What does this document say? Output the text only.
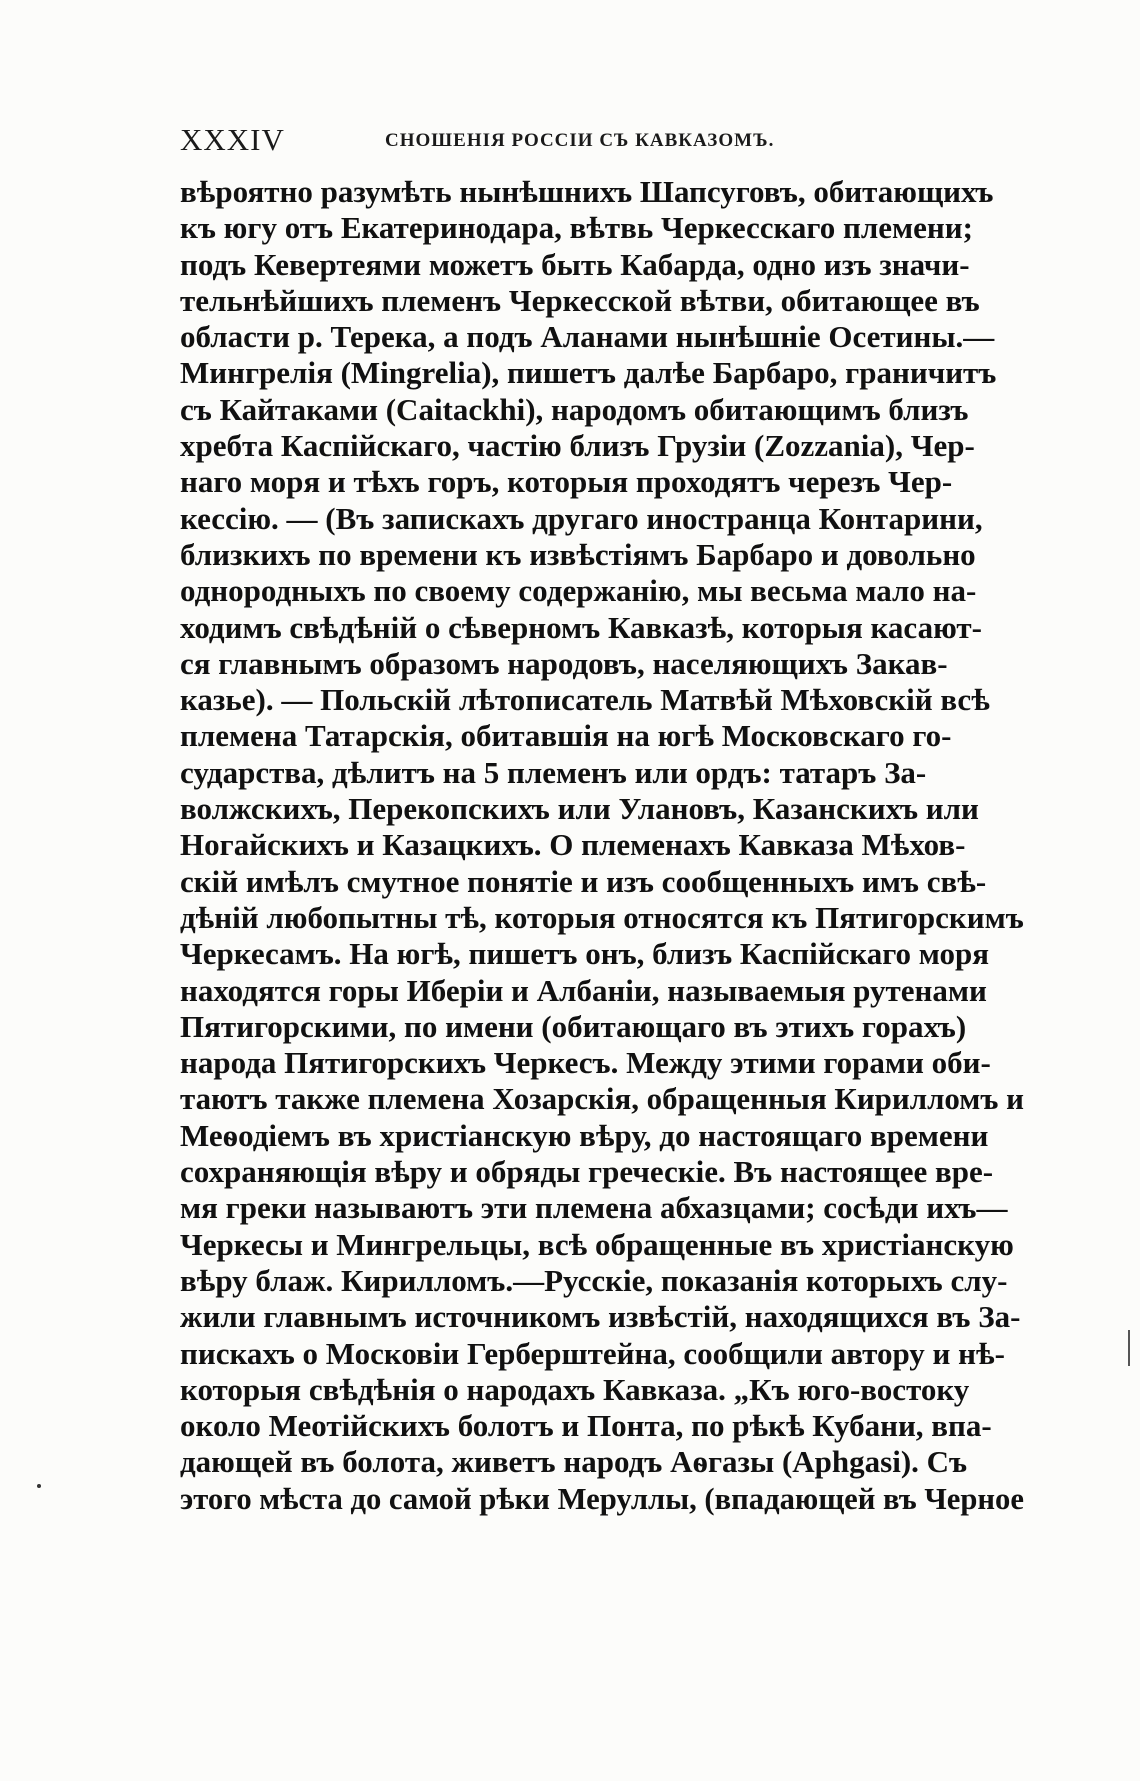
XXXIV	СНОШЕНІЯ РОССІИ СЪ КАВКАЗОМЪ.
вѣроятно разумѣть нынѣшнихъ Шапсуговъ, обитающихъ
къ югу отъ Екатеринодара, вѣтвь Черкесскаго племени;
подъ Кевертеями можетъ быть Кабарда, одно изъ значи-
тельнѣйшихъ племенъ Черкесской вѣтви, обитающее въ
области р. Терека, а подъ Аланами нынѣшніе Осетины.—
Мингрелія (Mingrelia), пишетъ далѣе Барбаро, граничитъ
съ Кайтаками (Caitackhi), народомъ обитающимъ близъ
хребта Каспійскаго, частію близъ Грузіи (Zozzania), Чер-
наго моря и тѣхъ горъ, которыя проходятъ черезъ Чер-
кессію. — (Въ запискахъ другаго иностранца Контарини,
близкихъ по времени къ извѣстіямъ Барбаро и довольно
однородныхъ по своему содержанію, мы весьма мало на-
ходимъ свѣдѣній о сѣверномъ Кавказѣ, которыя касают-
ся главнымъ образомъ народовъ, населяющихъ Закав-
казье). — Польскій лѣтописатель Матвѣй Мѣховскій всѣ
племена Татарскія, обитавшія на югѣ Московскаго го-
сударства, дѣлитъ на 5 племенъ или ордъ: татаръ За-
волжскихъ, Перекопскихъ или Улановъ, Казанскихъ или
Ногайскихъ и Казацкихъ. О племенахъ Кавказа Мѣхов-
скій имѣлъ смутное понятіе и изъ сообщенныхъ имъ свѣ-
дѣній любопытны тѣ, которыя относятся къ Пятигорскимъ
Черкесамъ. На югѣ, пишетъ онъ, близъ Каспійскаго моря
находятся горы Иберіи и Албаніи, называемыя рутенами
Пятигорскими, по имени (обитающаго въ этихъ горахъ)
народа Пятигорскихъ Черкесъ. Между этими горами оби-
таютъ также племена Хозарскія, обращенныя Кирилломъ и
Меѳодіемъ въ христіанскую вѣру, до настоящаго времени
сохраняющія вѣру и обряды греческіе. Въ настоящее вре-
мя греки называютъ эти племена абхазцами; сосѣди ихъ—
Черкесы и Мингрельцы, всѣ обращенные въ христіанскую
вѣру блаж. Кирилломъ.—Русскіе, показанія которыхъ слу-
жили главнымъ источникомъ извѣстій, находящихся въ За-
пискахъ о Московіи Герберштейна, сообщили автору и нѣ-
которыя свѣдѣнія о народахъ Кавказа. „Къ юго-востоку
около Меотійскихъ болотъ и Понта, по рѣкѣ Кубани, впа-
дающей въ болота, живетъ народъ Аѳгазы (Aphgasi). Съ
этого мѣста до самой рѣки Меруллы, (впадающей въ Черное
